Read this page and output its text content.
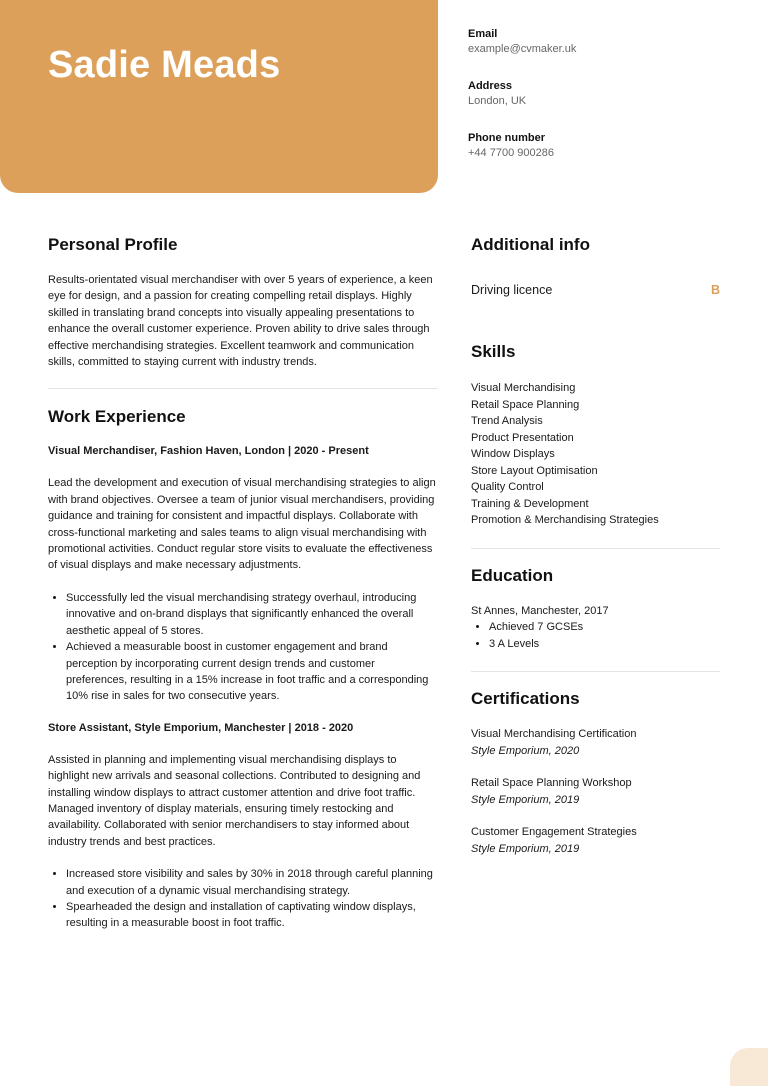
Sadie Meads
Email
example@cvmaker.uk
Address
London, UK
Phone number
+44 7700 900286
Personal Profile

Results-orientated visual merchandiser with over 5 years of experience, a keen eye for design, and a passion for creating compelling retail displays. Highly skilled in translating brand concepts into visually appealing presentations to enhance the overall customer experience. Proven ability to drive sales through effective merchandising strategies. Excellent teamwork and communication skills, committed to staying current with industry trends.

Work Experience
Visual Merchandiser, Fashion Haven, London | 2020 - Present

Lead the development and execution of visual merchandising strategies to align with brand objectives. Oversee a team of junior visual merchandisers, providing guidance and training for consistent and impactful displays. Collaborate with cross-functional marketing and sales teams to align visual merchandising with promotional activities. Conduct regular store visits to evaluate the effectiveness of visual displays and make necessary adjustments.

• Successfully led the visual merchandising strategy overhaul, introducing innovative and on-brand displays that significantly enhanced the overall aesthetic appeal of 5 stores.
• Achieved a measurable boost in customer engagement and brand perception by incorporating current design trends and customer preferences, resulting in a 15% increase in foot traffic and a corresponding 10% rise in sales for two consecutive years.
Store Assistant, Style Emporium, Manchester | 2018 - 2020

Assisted in planning and implementing visual merchandising displays to highlight new arrivals and seasonal collections. Contributed to designing and installing window displays to attract customer attention and drive foot traffic. Managed inventory of display materials, ensuring timely restocking and availability. Collaborated with senior merchandisers to stay informed about industry trends and best practices.

• Increased store visibility and sales by 30% in 2018 through careful planning and execution of a dynamic visual merchandising strategy.
• Spearheaded the design and installation of captivating window displays, resulting in a measurable boost in foot traffic.
Additional info
Driving licence	B
Skills
Visual Merchandising
Retail Space Planning
Trend Analysis
Product Presentation
Window Displays
Store Layout Optimisation
Quality Control
Training & Development
Promotion & Merchandising Strategies
Education
St Annes, Manchester, 2017
• Achieved 7 GCSEs
• 3 A Levels
Certifications
Visual Merchandising Certification
Style Emporium, 2020
Retail Space Planning Workshop
Style Emporium, 2019
Customer Engagement Strategies
Style Emporium, 2019
